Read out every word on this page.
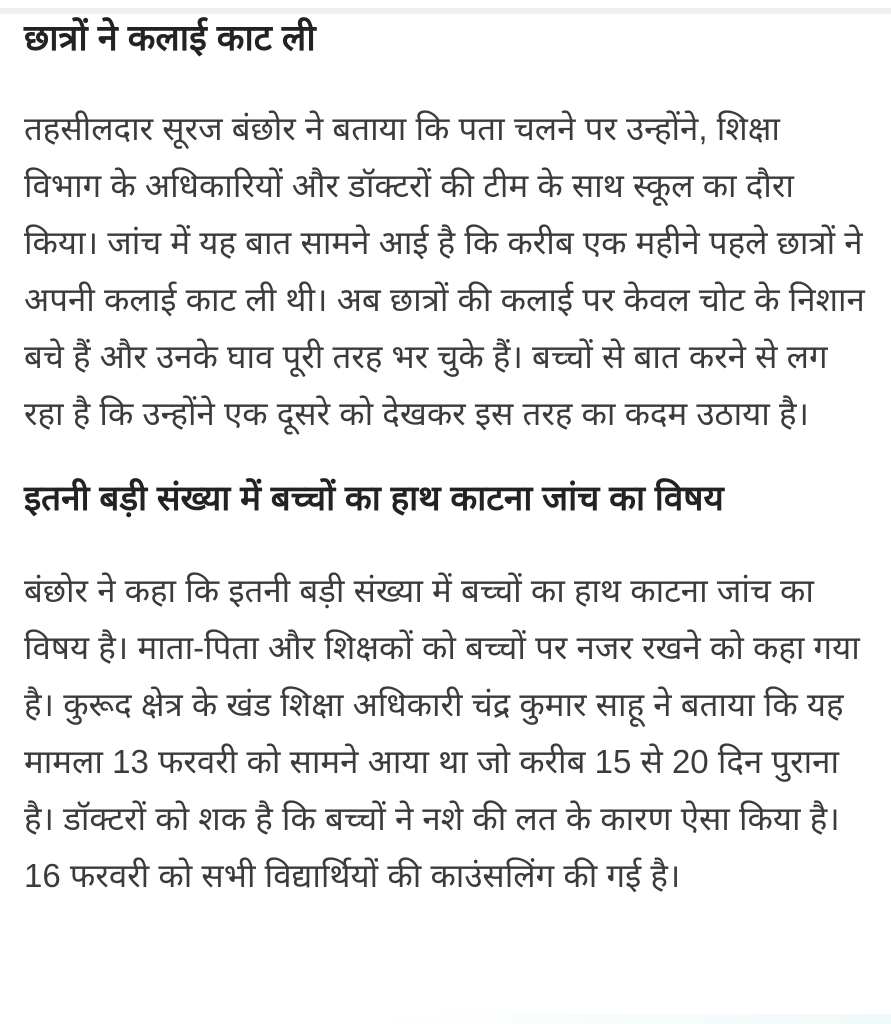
छात्रों ने कलाई काट ली

तहसीलदार सूरज बंछोर ने बताया कि पता चलने पर उन्होंने, शिक्षा विभाग के अधिकारियों और डॉक्टरों की टीम के साथ स्कूल का दौरा किया। जांच में यह बात सामने आई है कि करीब एक महीने पहले छात्रों ने अपनी कलाई काट ली थी। अब छात्रों की कलाई पर केवल चोट के निशान बचे हैं और उनके घाव पूरी तरह भर चुके हैं। बच्चों से बात करने से लग रहा है कि उन्होंने एक दूसरे को देखकर इस तरह का कदम उठाया है।

इतनी बड़ी संख्या में बच्चों का हाथ काटना जांच का विषय

बंछोर ने कहा कि इतनी बड़ी संख्या में बच्चों का हाथ काटना जांच का विषय है। माता-पिता और शिक्षकों को बच्चों पर नजर रखने को कहा गया है। कुरूद क्षेत्र के खंड शिक्षा अधिकारी चंद्र कुमार साहू ने बताया कि यह मामला 13 फरवरी को सामने आया था जो करीब 15 से 20 दिन पुराना है। डॉक्टरों को शक है कि बच्चों ने नशे की लत के कारण ऐसा किया है। 16 फरवरी को सभी विद्यार्थियों की काउंसलिंग की गई है।
